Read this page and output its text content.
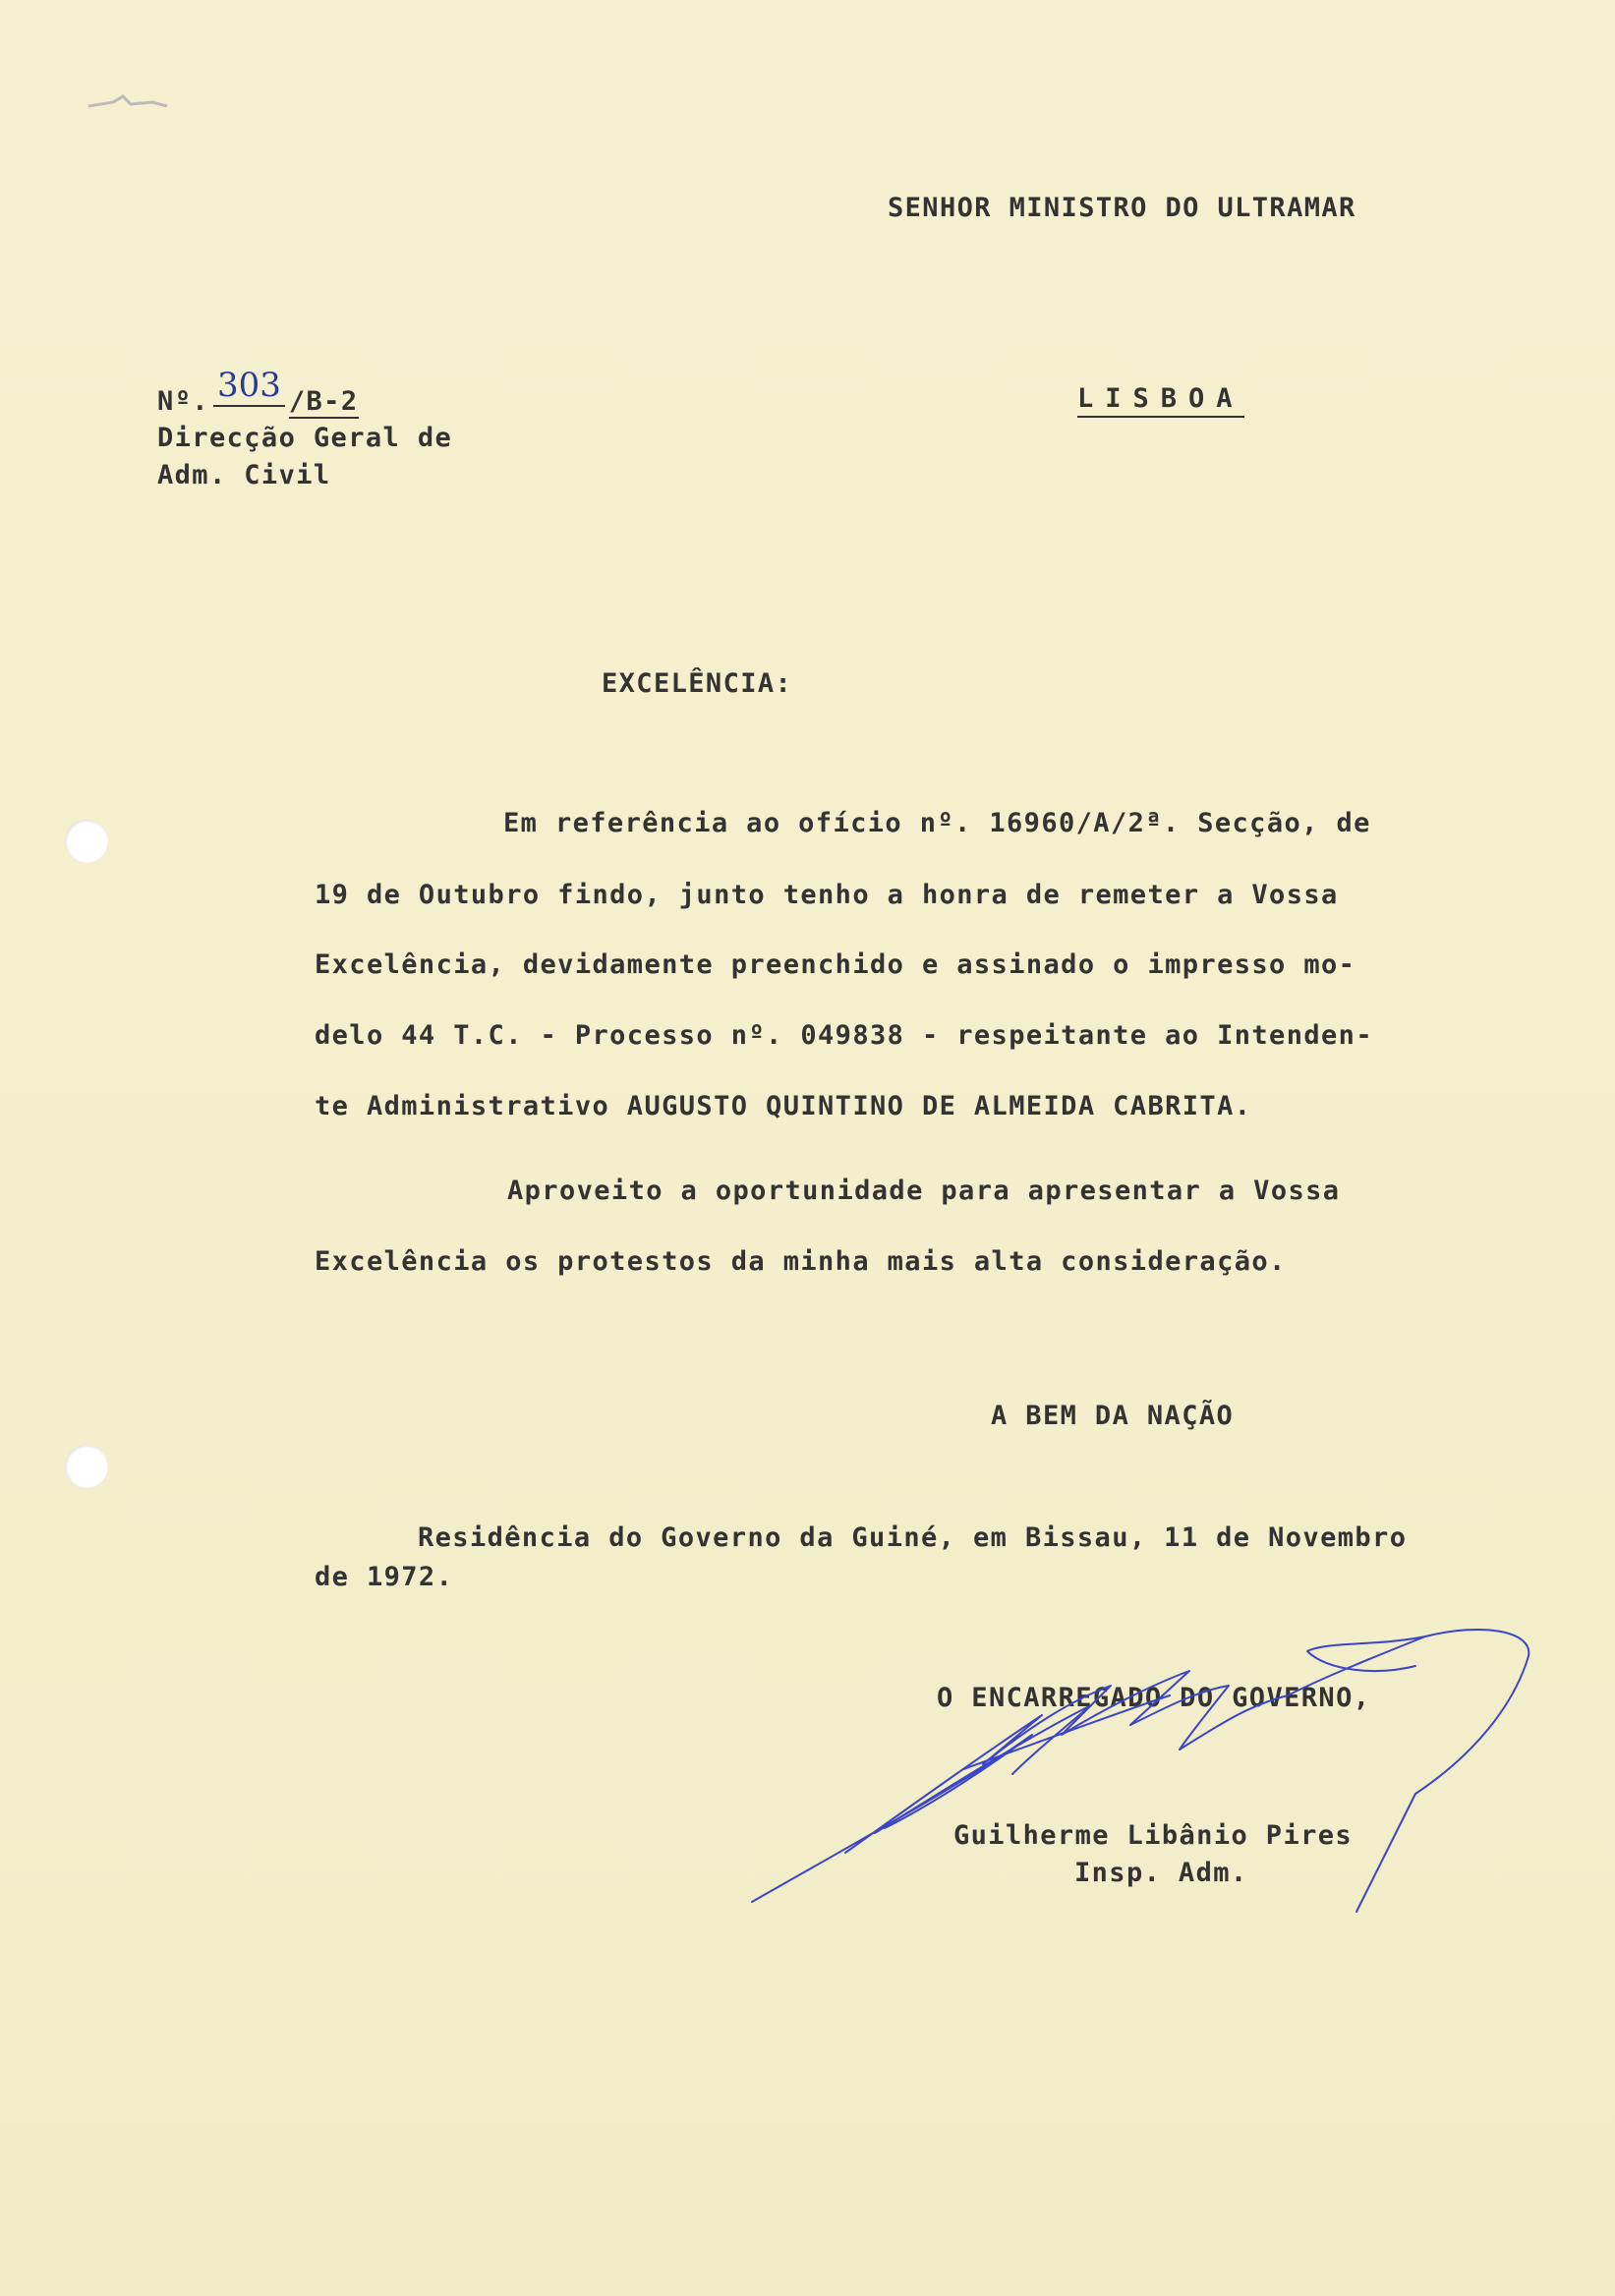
SENHOR MINISTRO DO ULTRAMAR
Nº. 303 /B-2
Direcção Geral de
Adm. Civil
LISBOA
EXCELÊNCIA:
Em referência ao ofício nº. 16960/A/2ª. Secção, de
19 de Outubro findo, junto tenho a honra de remeter a Vossa
Excelência, devidamente preenchido e assinado o impresso mo-
delo 44 T.C. - Processo nº. 049838 - respeitante ao Intenden-
te Administrativo AUGUSTO QUINTINO DE ALMEIDA CABRITA.
Aproveito a oportunidade para apresentar a Vossa
Excelência os protestos da minha mais alta consideração.
A BEM DA NAÇÃO
Residência do Governo da Guiné, em Bissau, 11 de Novembro
de 1972.
O ENCARREGADO DO GOVERNO,
Guilherme Libânio Pires
Insp. Adm.
